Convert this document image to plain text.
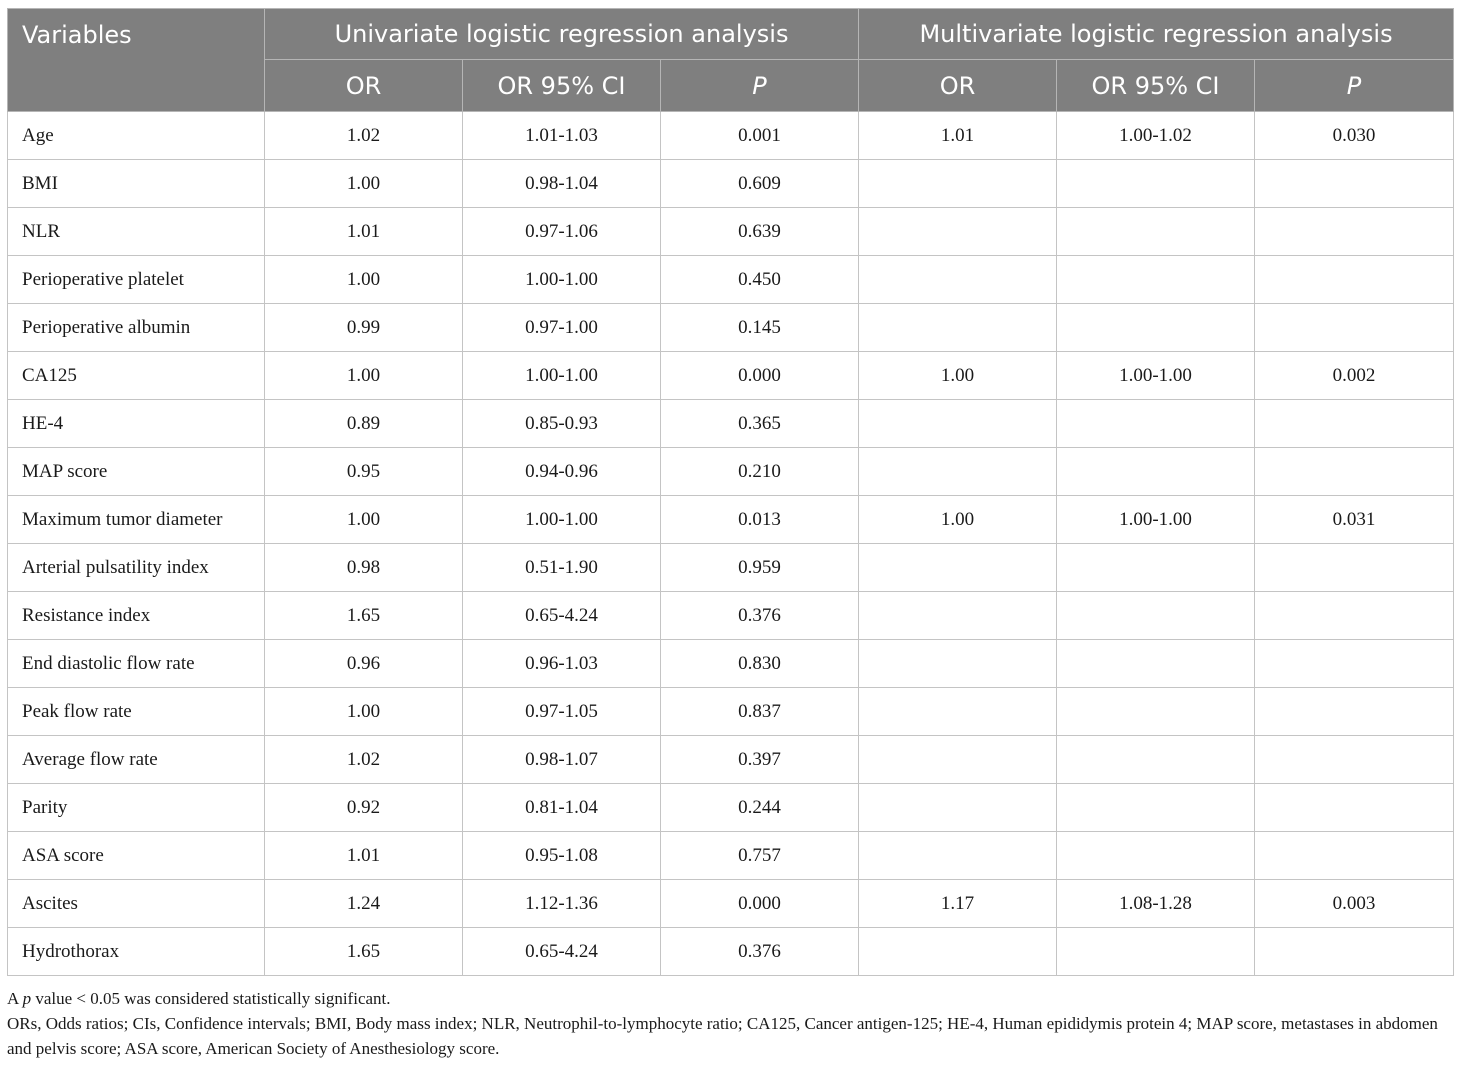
Variables	Univariate logistic regression analysis			Multivariate logistic regression analysis		
	OR	OR 95% CI	P	OR	OR 95% CI	P
Age	1.02	1.01-1.03	0.001	1.01	1.00-1.02	0.030
BMI	1.00	0.98-1.04	0.609			
NLR	1.01	0.97-1.06	0.639			
Perioperative platelet	1.00	1.00-1.00	0.450			
Perioperative albumin	0.99	0.97-1.00	0.145			
CA125	1.00	1.00-1.00	0.000	1.00	1.00-1.00	0.002
HE-4	0.89	0.85-0.93	0.365			
MAP score	0.95	0.94-0.96	0.210			
Maximum tumor diameter	1.00	1.00-1.00	0.013	1.00	1.00-1.00	0.031
Arterial pulsatility index	0.98	0.51-1.90	0.959			
Resistance index	1.65	0.65-4.24	0.376			
End diastolic flow rate	0.96	0.96-1.03	0.830			
Peak flow rate	1.00	0.97-1.05	0.837			
Average flow rate	1.02	0.98-1.07	0.397			
Parity	0.92	0.81-1.04	0.244			
ASA score	1.01	0.95-1.08	0.757			
Ascites	1.24	1.12-1.36	0.000	1.17	1.08-1.28	0.003
Hydrothorax	1.65	0.65-4.24	0.376			

A p value < 0.05 was considered statistically significant.

ORs, Odds ratios; CIs, Confidence intervals; BMI, Body mass index; NLR, Neutrophil-to-lymphocyte ratio; CA125, Cancer antigen-125; HE-4, Human epididymis protein 4; MAP score, metastases in abdomen and pelvis score; ASA score, American Society of Anesthesiology score.
